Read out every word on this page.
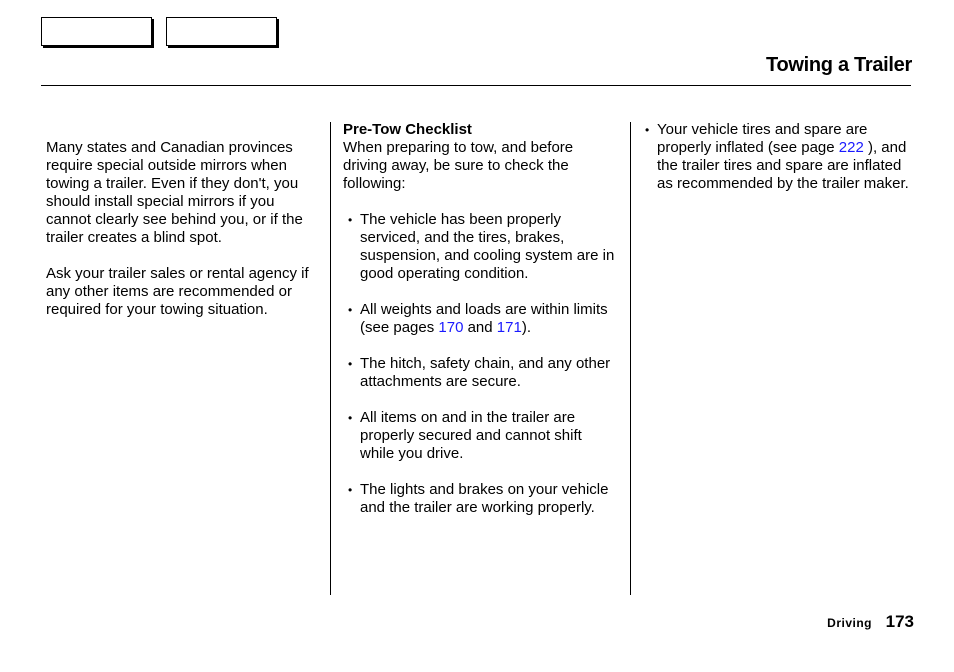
Towing a Trailer

Many states and Canadian provinces require special outside mirrors when towing a trailer. Even if they don't, you should install special mirrors if you cannot clearly see behind you, or if the trailer creates a blind spot.

Ask your trailer sales or rental agency if any other items are recommended or required for your towing situation.

Pre-Tow Checklist

When preparing to tow, and before driving away, be sure to check the following:

• The vehicle has been properly serviced, and the tires, brakes, suspension, and cooling system are in good operating condition.

• All weights and loads are within limits (see pages 170 and 171).

• The hitch, safety chain, and any other attachments are secure.

• All items on and in the trailer are properly secured and cannot shift while you drive.

• The lights and brakes on your vehicle and the trailer are working properly.

• Your vehicle tires and spare are properly inflated (see page 222 ), and the trailer tires and spare are inflated as recommended by the trailer maker.

Driving 173
